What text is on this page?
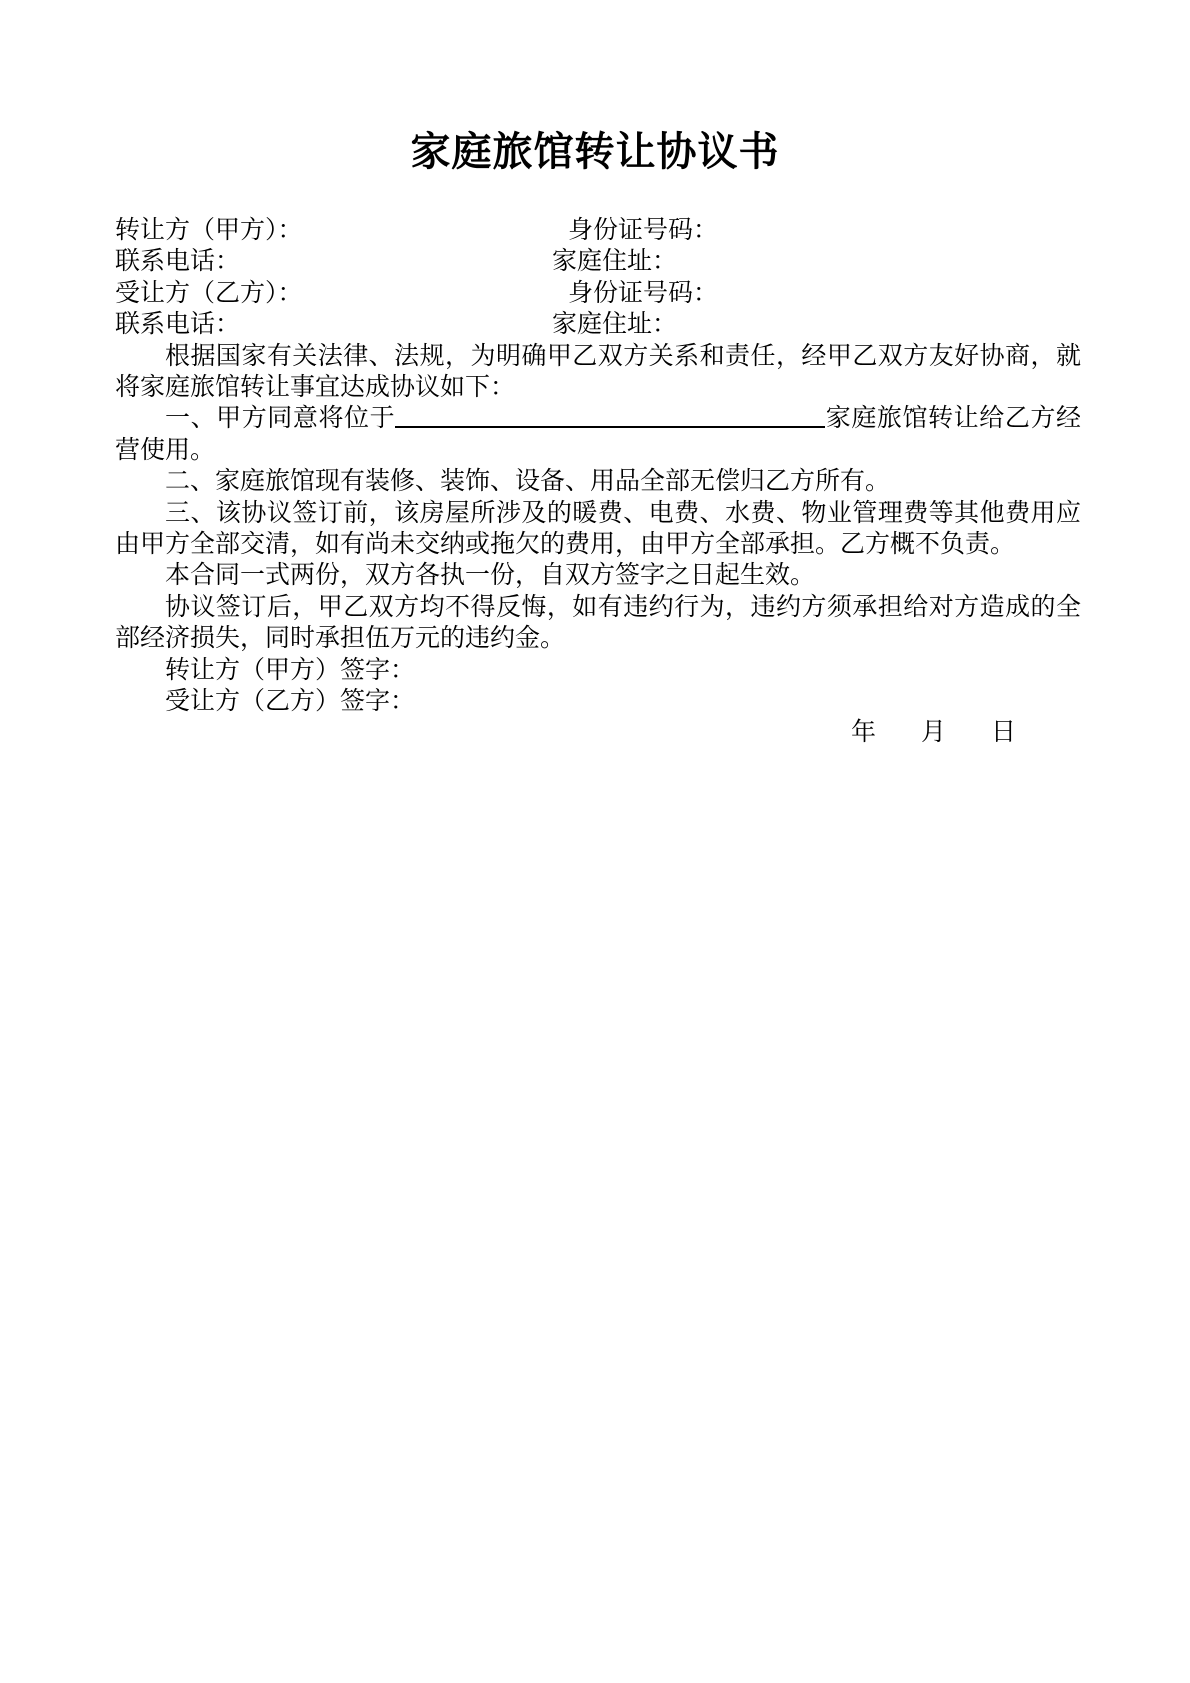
家庭旅馆转让协议书
转让方（甲方）：	身份证号码：
联系电话：	家庭住址：
受让方（乙方）：	身份证号码：
联系电话：	家庭住址：

根据国家有关法律、法规，为明确甲乙双方关系和责任，经甲乙双方友好协商，就将家庭旅馆转让事宜达成协议如下：

一、甲方同意将位于	家庭旅馆转让给乙方经营使用。

二、家庭旅馆现有装修、装饰、设备、用品全部无偿归乙方所有。

三、该协议签订前，该房屋所涉及的暖费、电费、水费、物业管理费等其他费用应由甲方全部交清，如有尚未交纳或拖欠的费用，由甲方全部承担。乙方概不负责。

本合同一式两份，双方各执一份，自双方签字之日起生效。

协议签订后，甲乙双方均不得反悔，如有违约行为，违约方须承担给对方造成的全部经济损失，同时承担伍万元的违约金。

转让方（甲方）签字：

受让方（乙方）签字：

年 月 日
